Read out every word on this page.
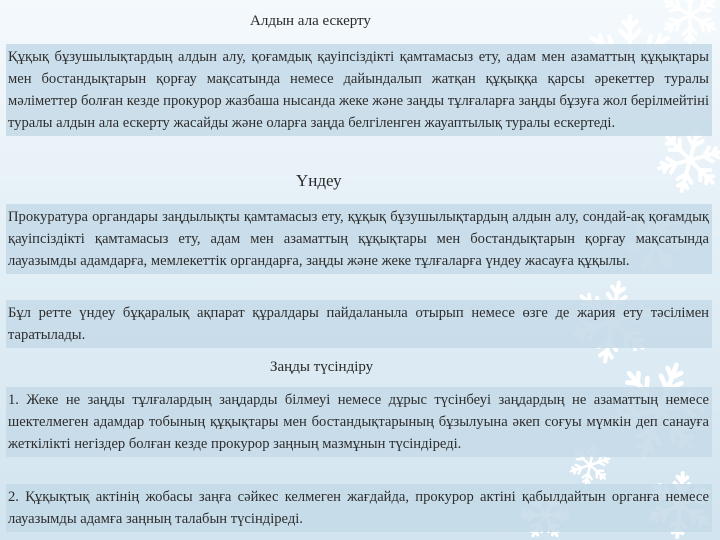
Алдын ала ескерту

Құқық бұзушылықтардың алдын алу, қоғамдық қауіпсіздікті қамтамасыз ету, адам мен азаматтың құқықтары мен бостандықтарын қорғау мақсатында немесе дайындалып жатқан құқыққа қарсы әрекеттер туралы мәліметтер болған кезде прокурор жазбаша нысанда жеке және заңды тұлғаларға заңды бұзуға жол берілмейтіні туралы алдын ала ескерту жасайды және оларға заңда белгіленген жауаптылық туралы ескертеді.

Үндеу

Прокуратура органдары заңдылықты қамтамасыз ету, құқық бұзушылықтардың алдын алу, сондай-ақ қоғамдық қауіпсіздікті қамтамасыз ету, адам мен азаматтың құқықтары мен бостандықтарын қорғау мақсатында лауазымды адамдарға, мемлекеттік органдарға, заңды және жеке тұлғаларға үндеу жасауға құқылы.

Бұл ретте үндеу бұқаралық ақпарат құралдары пайдаланыла отырып немесе өзге де жария ету тәсілімен таратылады.

Заңды түсіндіру

1. Жеке не заңды тұлғалардың заңдарды білмеуі немесе дұрыс түсінбеуі заңдардың не азаматтың немесе шектелмеген адамдар тобының құқықтары мен бостандықтарының бұзылуына әкеп соғуы мүмкін деп санауға жеткілікті негіздер болған кезде прокурор заңның мазмұнын түсіндіреді.

2. Құқықтық актінің жобасы заңға сәйкес келмеген жағдайда, прокурор актіні қабылдайтын органға немесе лауазымды адамға заңның талабын түсіндіреді.
